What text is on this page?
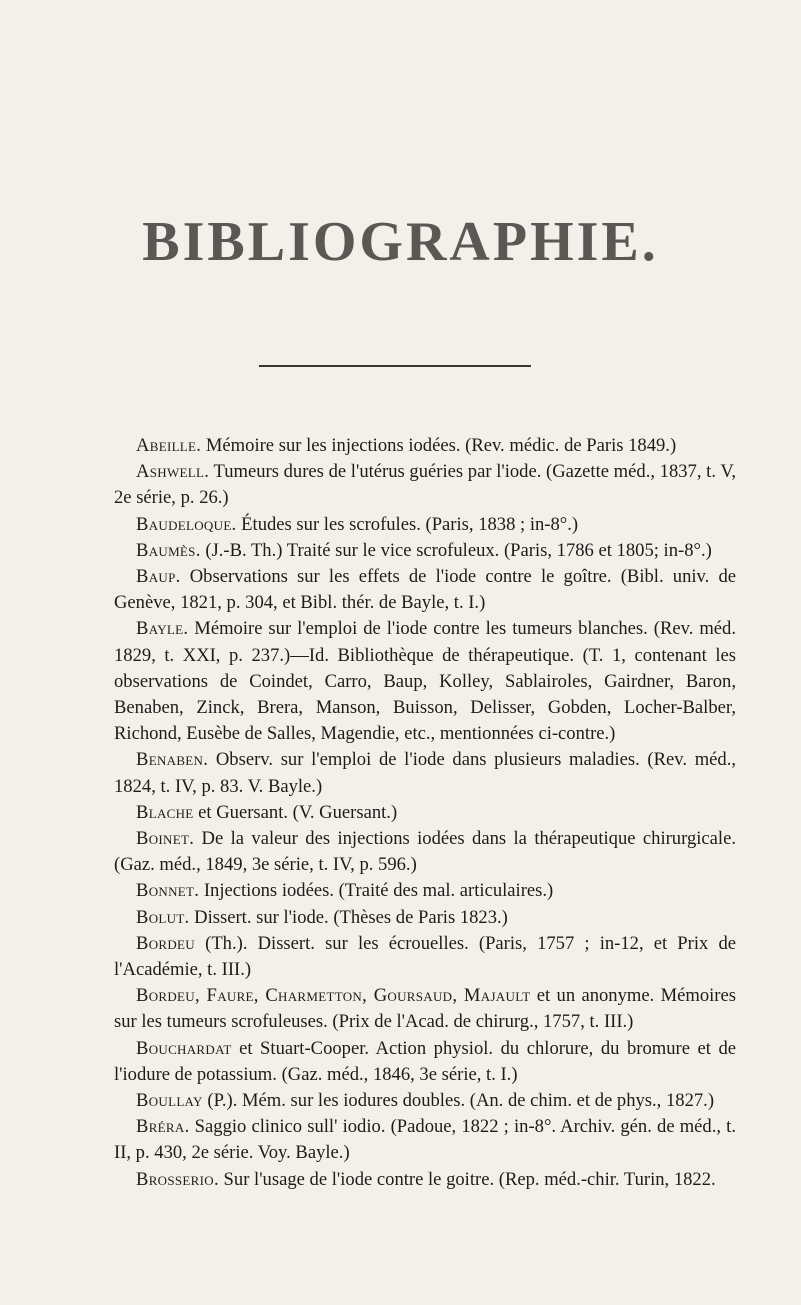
BIBLIOGRAPHIE.

Abeille. Mémoire sur les injections iodées. (Rev. médic. de Paris 1849.)

Ashwell. Tumeurs dures de l'utérus guéries par l'iode. (Gazette méd., 1837, t. V, 2e série, p. 26.)

Baudeloque. Études sur les scrofules. (Paris, 1838 ; in-8°.)

Baumès. (J.-B. Th.) Traité sur le vice scrofuleux. (Paris, 1786 et 1805; in-8°.)

Baup. Observations sur les effets de l'iode contre le goître. (Bibl. univ. de Genève, 1821, p. 304, et Bibl. thér. de Bayle, t. I.)

Bayle. Mémoire sur l'emploi de l'iode contre les tumeurs blanches. (Rev. méd. 1829, t. XXI, p. 237.)—Id. Bibliothèque de thérapeutique. (T. 1, contenant les observations de Coindet, Carro, Baup, Kolley, Sablairoles, Gairdner, Baron, Benaben, Zinck, Brera, Manson, Buisson, Delisser, Gobden, Locher-Balber, Richond, Eusèbe de Salles, Magendie, etc., mentionnées ci-contre.)

Benaben. Observ. sur l'emploi de l'iode dans plusieurs maladies. (Rev. méd., 1824, t. IV, p. 83. V. Bayle.)

Blache et Guersant. (V. Guersant.)

Boinet. De la valeur des injections iodées dans la thérapeutique chirurgicale. (Gaz. méd., 1849, 3e série, t. IV, p. 596.)

Bonnet. Injections iodées. (Traité des mal. articulaires.)

Bolut. Dissert. sur l'iode. (Thèses de Paris 1823.)

Bordeu (Th.). Dissert. sur les écrouelles. (Paris, 1757 ; in-12, et Prix de l'Académie, t. III.)

Bordeu, Faure, Charmetton, Goursaud, Majault et un anonyme. Mémoires sur les tumeurs scrofuleuses. (Prix de l'Acad. de chirurg., 1757, t. III.)

Bouchardat et Stuart-Cooper. Action physiol. du chlorure, du bromure et de l'iodure de potassium. (Gaz. méd., 1846, 3e série, t. I.)

Boullay (P.). Mém. sur les iodures doubles. (An. de chim. et de phys., 1827.)

Bréra. Saggio clinico sull' iodio. (Padoue, 1822 ; in-8°. Archiv. gén. de méd., t. II, p. 430, 2e série. Voy. Bayle.)

Brosserio. Sur l'usage de l'iode contre le goitre. (Rep. méd.-chir. Turin, 1822.
